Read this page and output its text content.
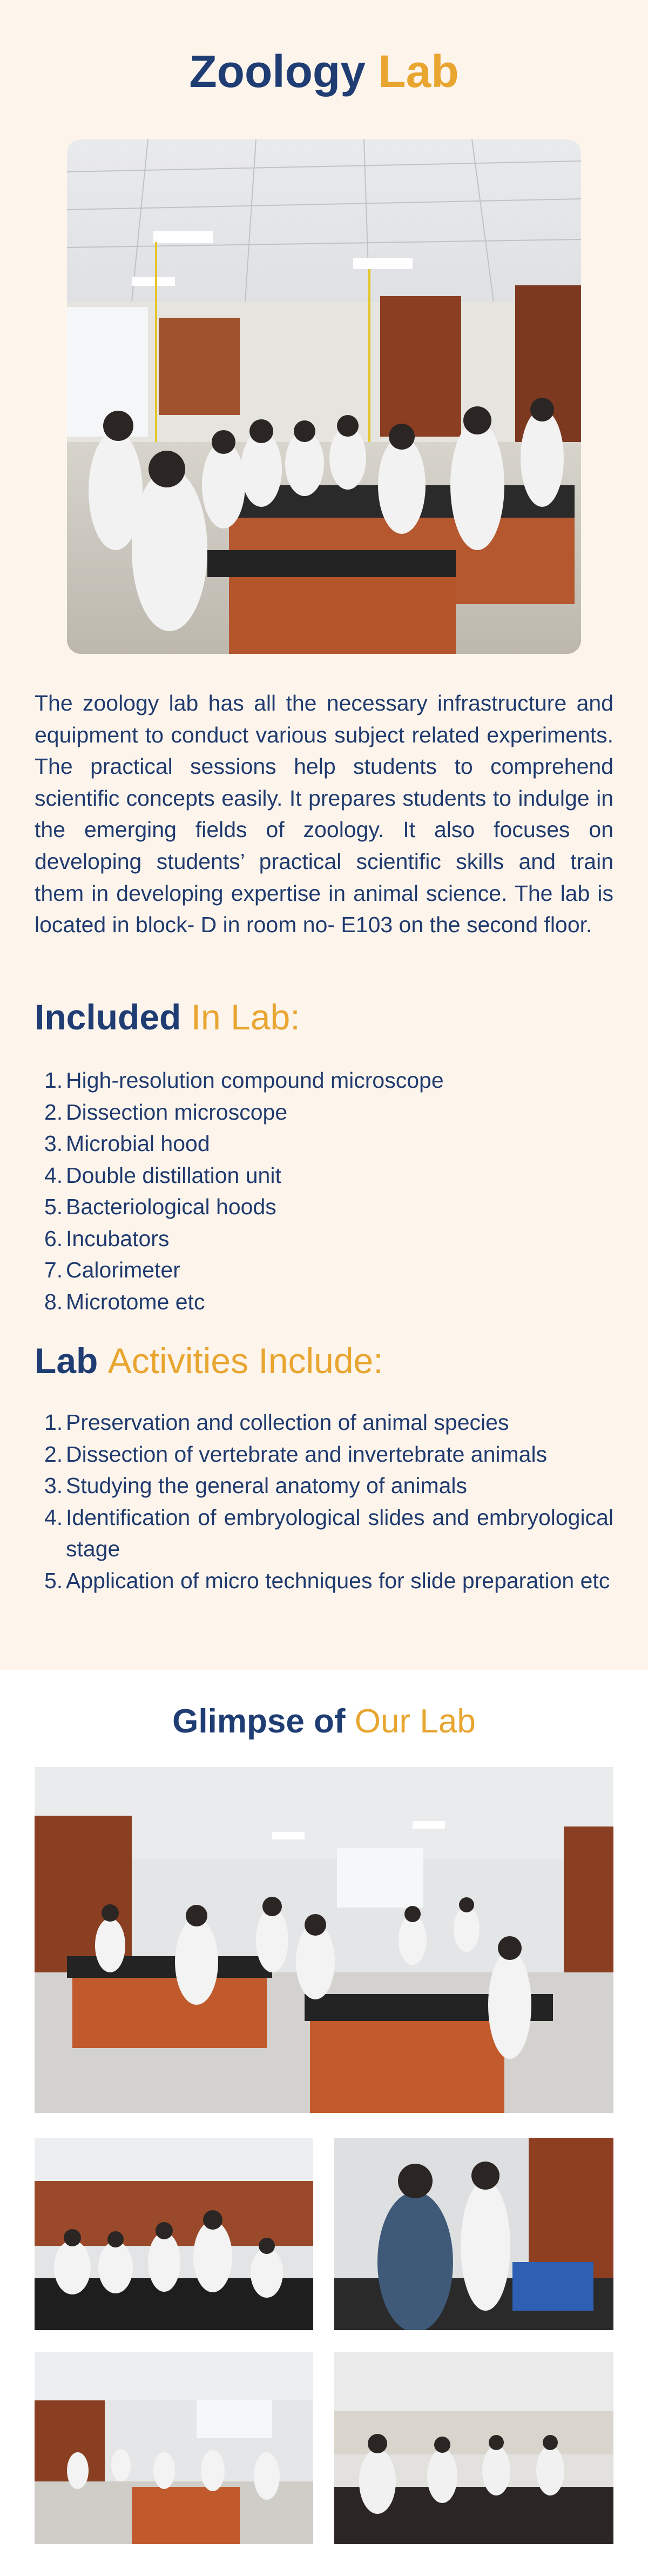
Zoology Lab

The zoology lab has all the necessary infrastructure and equipment to conduct various subject related experiments. The practical sessions help students to comprehend scientific concepts easily. It prepares students to indulge in the emerging fields of zoology. It also focuses on developing students’ practical scientific skills and train them in developing expertise in animal science. The lab is located in block- D in room no- E103 on the second floor.

Included In Lab:
1. High-resolution compound microscope
2. Dissection microscope
3. Microbial hood
4. Double distillation unit
5. Bacteriological hoods
6. Incubators
7. Calorimeter
8. Microtome etc
Lab Activities Include:
1. Preservation and collection of animal species
2. Dissection of vertebrate and invertebrate animals
3. Studying the general anatomy of animals
4. Identification of embryological slides and embryological stage
5. Application of micro techniques for slide preparation etc
Glimpse of Our Lab
